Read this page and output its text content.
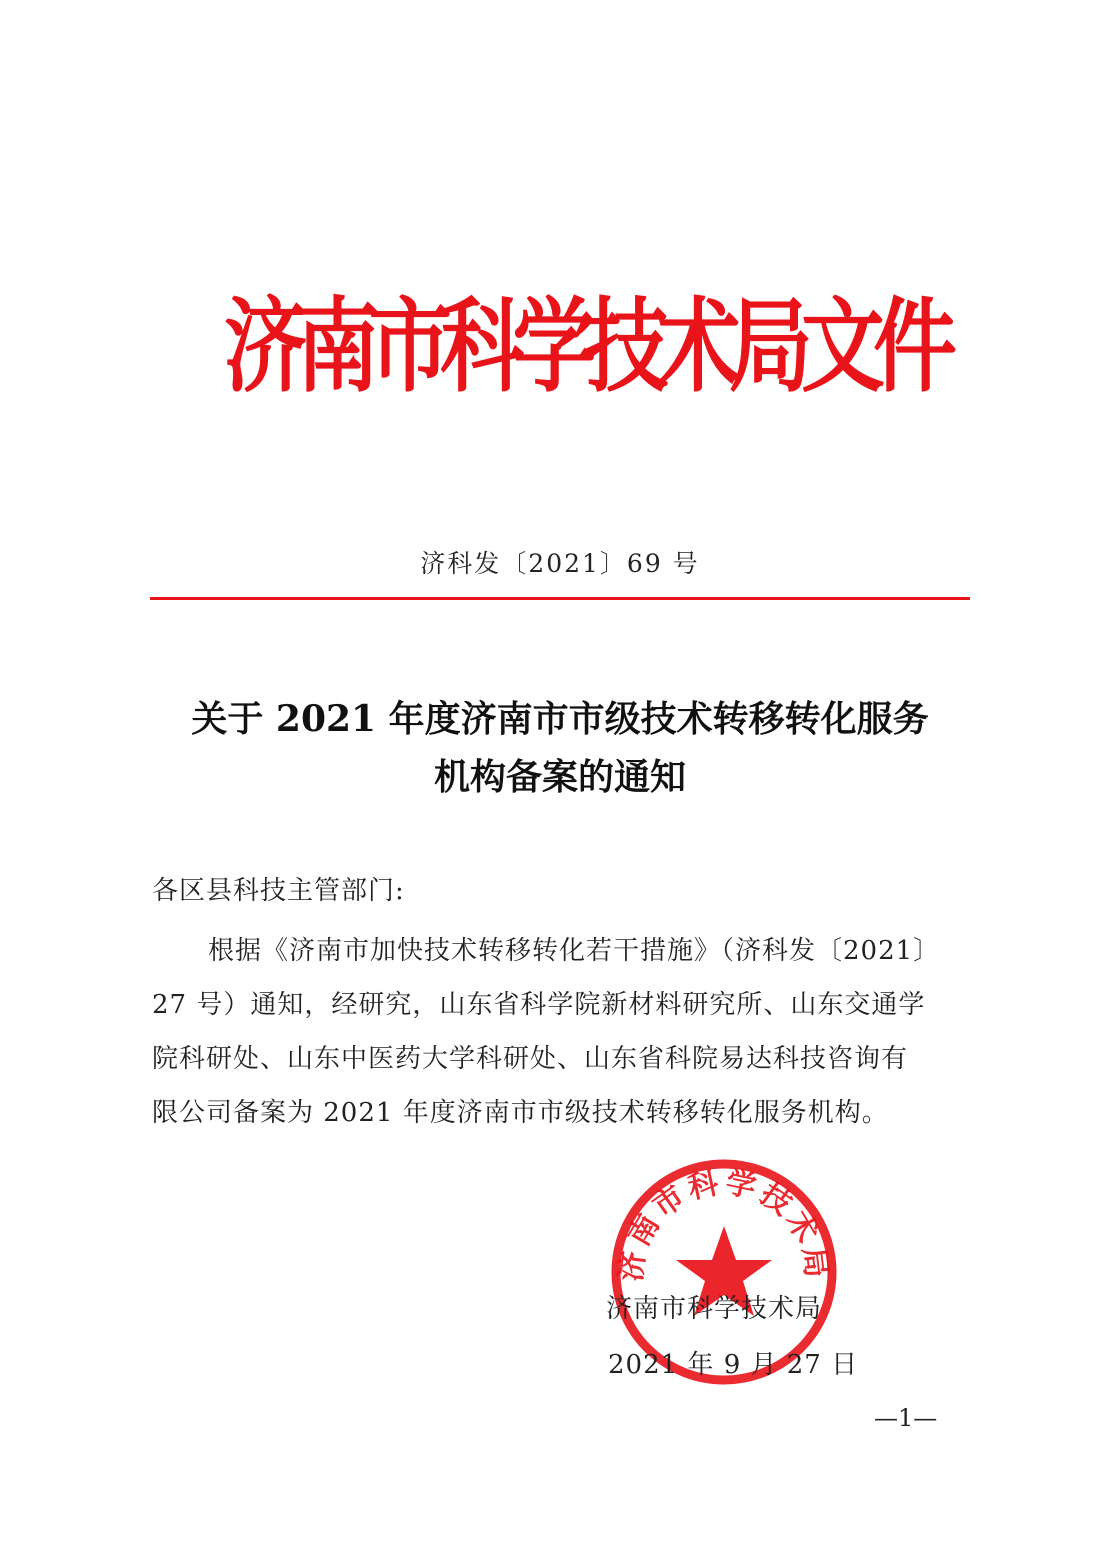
济南市科学技术局文件
济科发〔2021〕69 号
关于 2021 年度济南市市级技术转移转化服务
机构备案的通知
各区县科技主管部门:
根据《济南市加快技术转移转化若干措施》（济科发〔2021〕
27 号）通知，经研究，山东省科学院新材料研究所、山东交通学
院科研处、山东中医药大学科研处、山东省科院易达科技咨询有
限公司备案为 2021 年度济南市市级技术转移转化服务机构。
济南市科学技术局
济南市科学技术局
2021 年 9 月 27 日
—1—
